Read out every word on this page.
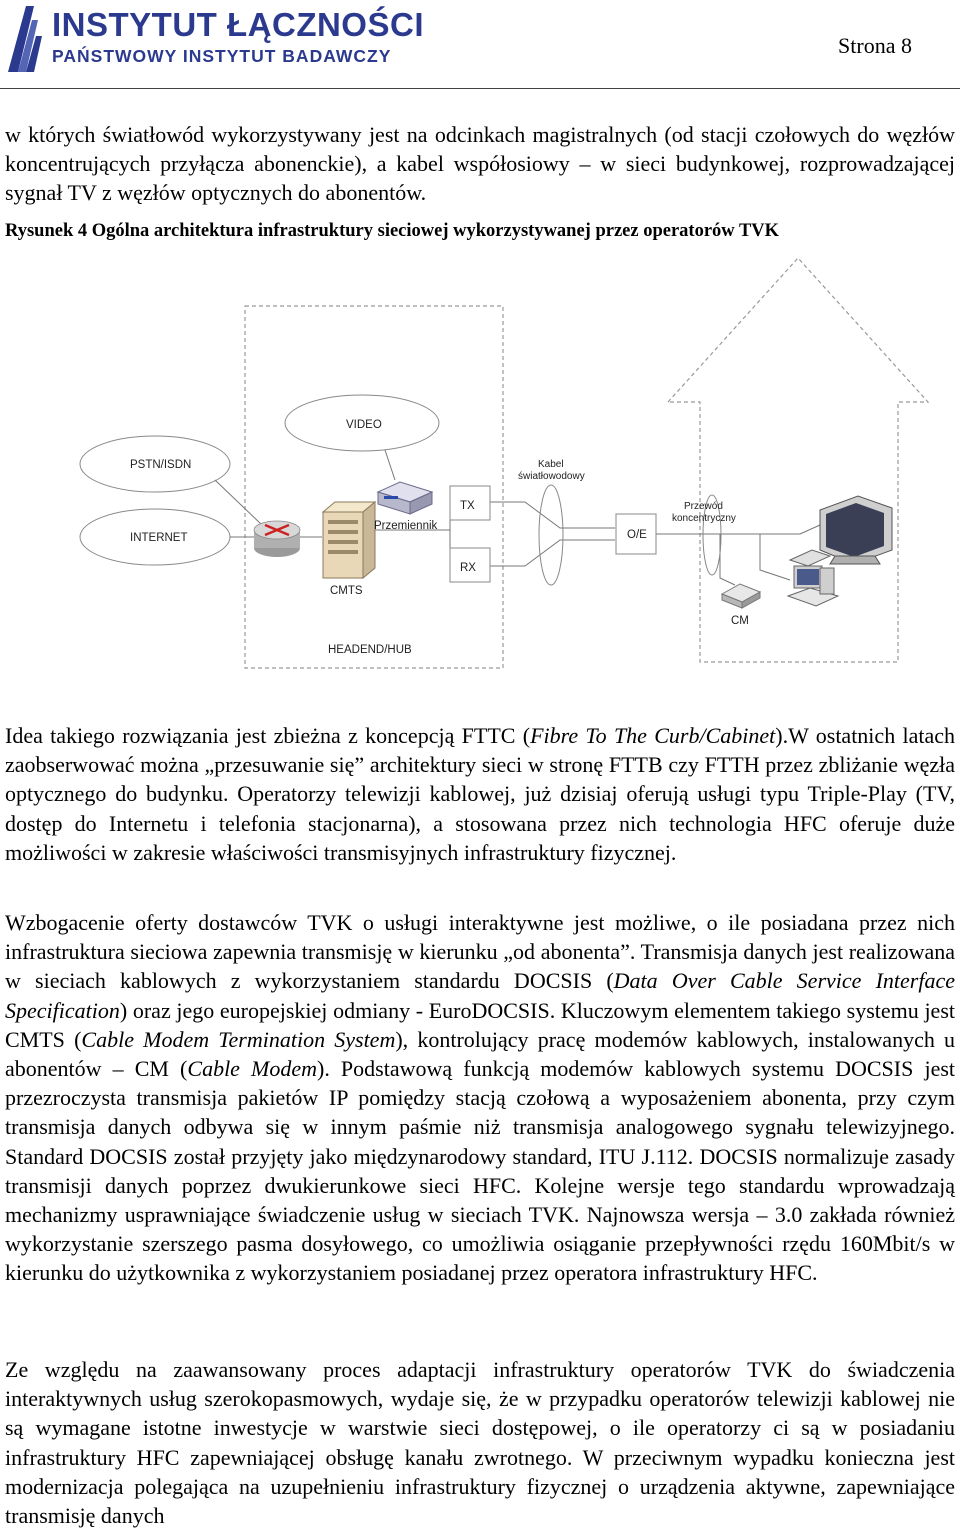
INSTYTUT ŁĄCZNOŚCI
PAŃSTWOWY INSTYTUT BADAWCZY	Strona 8

w których światłowód wykorzystywany jest na odcinkach magistralnych (od stacji czołowych do węzłów koncentrujących przyłącza abonenckie), a kabel współosiowy – w sieci budynkowej, rozprowadzającej sygnał TV z węzłów optycznych do abonentów.

Rysunek 4 Ogólna architektura infrastruktury sieciowej wykorzystywanej przez operatorów TVK
VIDEO
PSTN/ISDN
INTERNET
Kabel
światłowodowy
Przemiennik
TX
RX
CMTS
O/E
Przewód
koncentryczny
CM
HEADEND/HUB

Idea takiego rozwiązania jest zbieżna z koncepcją FTTC (Fibre To The Curb/Cabinet).W ostatnich latach zaobserwować można „przesuwanie się” architektury sieci w stronę FTTB czy FTTH przez zbliżanie węzła optycznego do budynku. Operatorzy telewizji kablowej, już dzisiaj oferują usługi typu Triple-Play (TV, dostęp do Internetu i telefonia stacjonarna), a stosowana przez nich technologia HFC oferuje duże możliwości w zakresie właściwości transmisyjnych infrastruktury fizycznej.

Wzbogacenie oferty dostawców TVK o usługi interaktywne jest możliwe, o ile posiadana przez nich infrastruktura sieciowa zapewnia transmisję w kierunku „od abonenta”. Transmisja danych jest realizowana w sieciach kablowych z wykorzystaniem standardu DOCSIS (Data Over Cable Service Interface Specification) oraz jego europejskiej odmiany - EuroDOCSIS. Kluczowym elementem takiego systemu jest CMTS (Cable Modem Termination System), kontrolujący pracę modemów kablowych, instalowanych u abonentów – CM (Cable Modem). Podstawową funkcją modemów kablowych systemu DOCSIS jest przezroczysta transmisja pakietów IP pomiędzy stacją czołową a wyposażeniem abonenta, przy czym transmisja danych odbywa się w innym paśmie niż transmisja analogowego sygnału telewizyjnego. Standard DOCSIS został przyjęty jako międzynarodowy standard, ITU J.112. DOCSIS normalizuje zasady transmisji danych poprzez dwukierunkowe sieci HFC. Kolejne wersje tego standardu wprowadzają mechanizmy usprawniające świadczenie usług w sieciach TVK. Najnowsza wersja – 3.0 zakłada również wykorzystanie szerszego pasma dosyłowego, co umożliwia osiąganie przepływności rzędu 160Mbit/s w kierunku do użytkownika z wykorzystaniem posiadanej przez operatora infrastruktury HFC.

Ze względu na zaawansowany proces adaptacji infrastruktury operatorów TVK do świadczenia interaktywnych usług szerokopasmowych, wydaje się, że w przypadku operatorów telewizji kablowej nie są wymagane istotne inwestycje w warstwie sieci dostępowej, o ile operatorzy ci są w posiadaniu infrastruktury HFC zapewniającej obsługę kanału zwrotnego. W przeciwnym wypadku konieczna jest modernizacja polegająca na uzupełnieniu infrastruktury fizycznej o urządzenia aktywne, zapewniające transmisję danych
